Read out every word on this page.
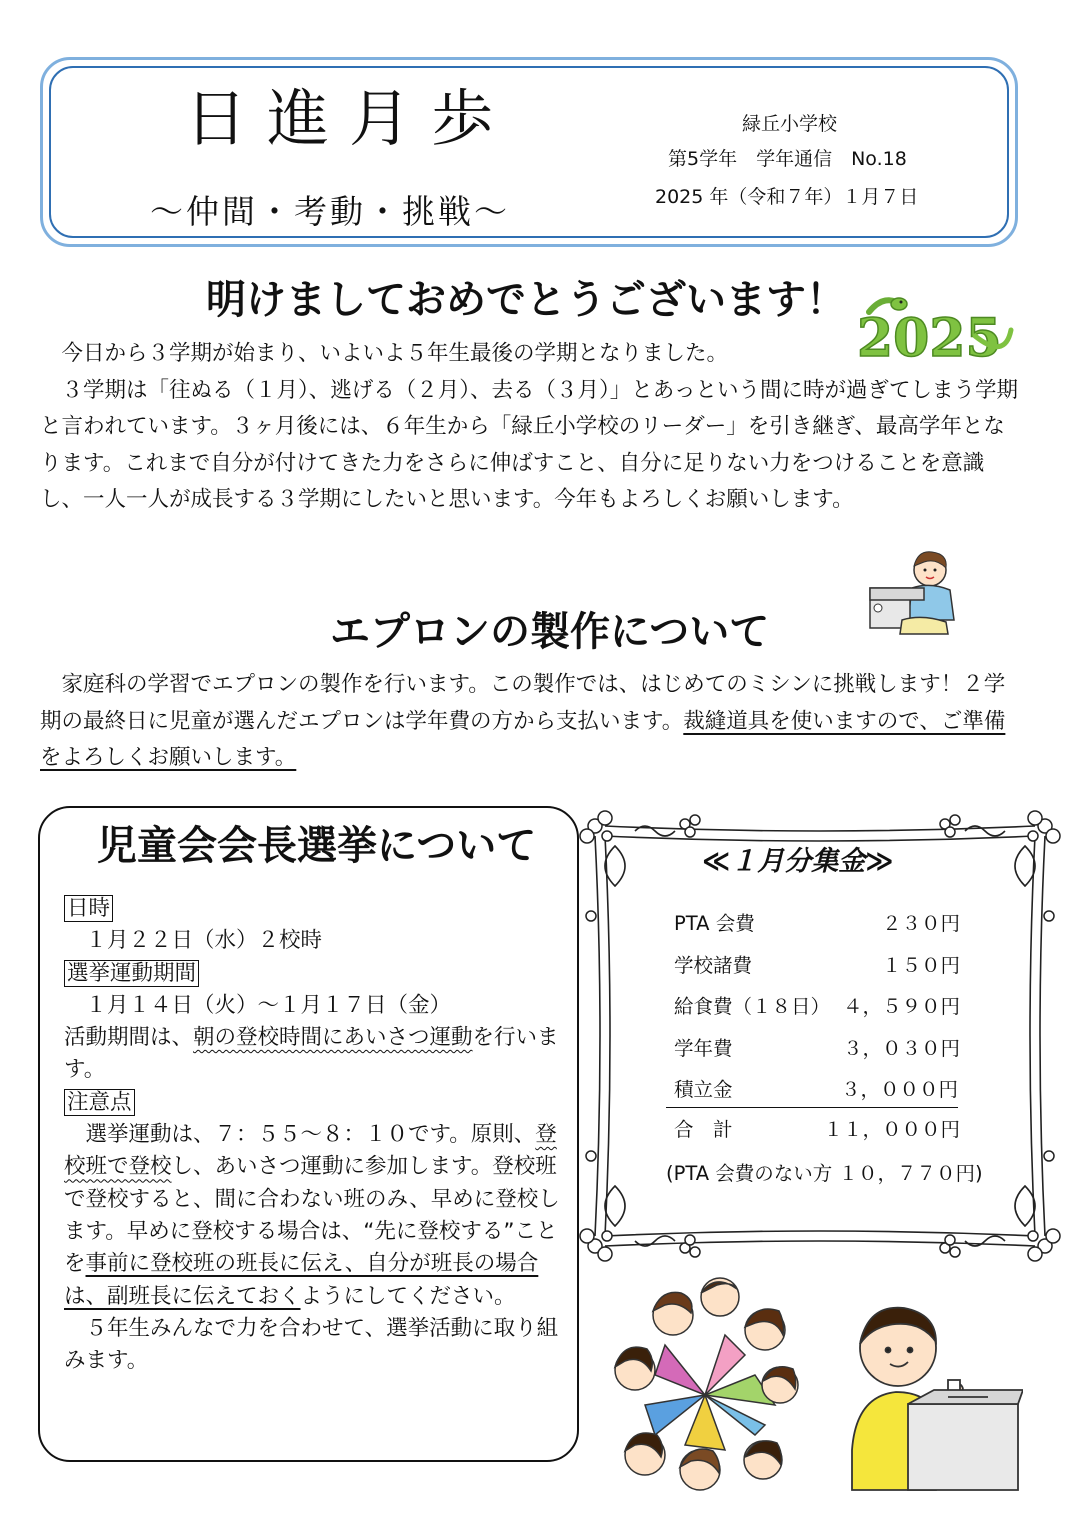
日進月歩
～仲間・考動・挑戦～
緑丘小学校
第5学年　学年通信　No.18
2025 年（令和７年）１月７日
明けましておめでとうございます！
2025
今日から３学期が始まり、いよいよ５年生最後の学期となりました。
３学期は「往ぬる（１月）、逃げる（２月）、去る（３月）」とあっという間に時が過ぎてしまう学期と言われています。３ヶ月後には、６年生から「緑丘小学校のリーダー」を引き継ぎ、最高学年となります。これまで自分が付けてきた力をさらに伸ばすこと、自分に足りない力をつけることを意識し、一人一人が成長する３学期にしたいと思います。今年もよろしくお願いします。
エプロンの製作について
家庭科の学習でエプロンの製作を行います。この製作では、はじめてのミシンに挑戦します！２学期の最終日に児童が選んだエプロンは学年費の方から支払います。裁縫道具を使いますので、ご準備をよろしくお願いします。
児童会会長選挙について
日時
１月２２日（水）２校時
選挙運動期間
１月１４日（火）～１月１７日（金）
活動期間は、朝の登校時間にあいさつ運動を行います。
注意点
選挙運動は、７：５５～８：１０です。原則、登校班で登校し、あいさつ運動に参加します。登校班で登校すると、間に合わない班のみ、早めに登校します。早めに登校する場合は、“先に登校する”ことを事前に登校班の班長に伝え、自分が班長の場合は、副班長に伝えておくようにしてください。
５年生みんなで力を合わせて、選挙活動に取り組みます。
≪１月分集金≫
PTA 会費	２３０円
学校諸費	１５０円
給食費（１８日） ４，５９０円
学年費	３，０３０円
積立金	３，０００円
合　計	１１，０００円
(PTA 会費のない方 １０，７７０円)
